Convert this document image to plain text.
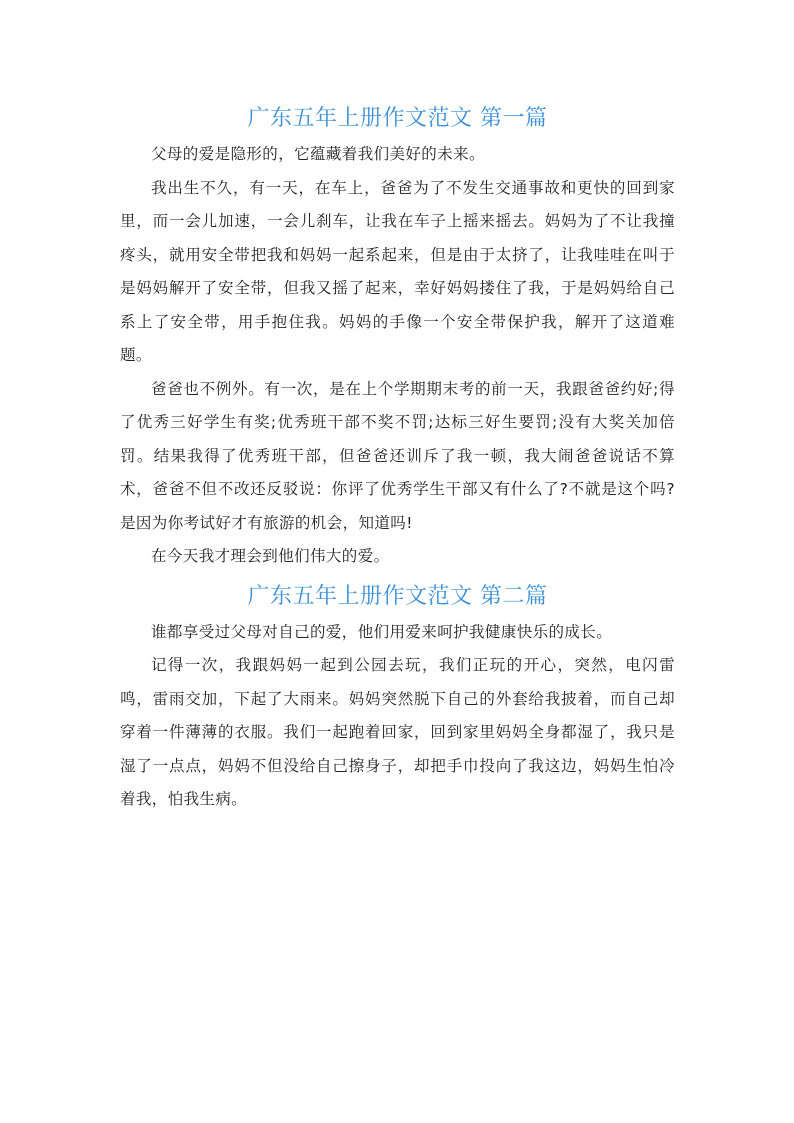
广东五年上册作文范文 第一篇

父母的爱是隐形的，它蕴藏着我们美好的未来。

我出生不久，有一天，在车上，爸爸为了不发生交通事故和更快的回到家里，而一会儿加速，一会儿刹车，让我在车子上摇来摇去。妈妈为了不让我撞疼头，就用安全带把我和妈妈一起系起来，但是由于太挤了，让我哇哇在叫于是妈妈解开了安全带，但我又摇了起来，幸好妈妈搂住了我，于是妈妈给自己系上了安全带，用手抱住我。妈妈的手像一个安全带保护我，解开了这道难题。

爸爸也不例外。有一次，是在上个学期期末考的前一天，我跟爸爸约好;得了优秀三好学生有奖;优秀班干部不奖不罚;达标三好生要罚;没有大奖关加倍罚。结果我得了优秀班干部，但爸爸还训斥了我一顿，我大闹爸爸说话不算术，爸爸不但不改还反驳说：你评了优秀学生干部又有什么了?不就是这个吗?是因为你考试好才有旅游的机会，知道吗!

在今天我才理会到他们伟大的爱。

广东五年上册作文范文 第二篇

谁都享受过父母对自己的爱，他们用爱来呵护我健康快乐的成长。

记得一次，我跟妈妈一起到公园去玩，我们正玩的开心，突然，电闪雷鸣，雷雨交加，下起了大雨来。妈妈突然脱下自己的外套给我披着，而自己却穿着一件薄薄的衣服。我们一起跑着回家，回到家里妈妈全身都湿了，我只是湿了一点点，妈妈不但没给自己擦身子，却把手巾投向了我这边，妈妈生怕冷着我，怕我生病。
